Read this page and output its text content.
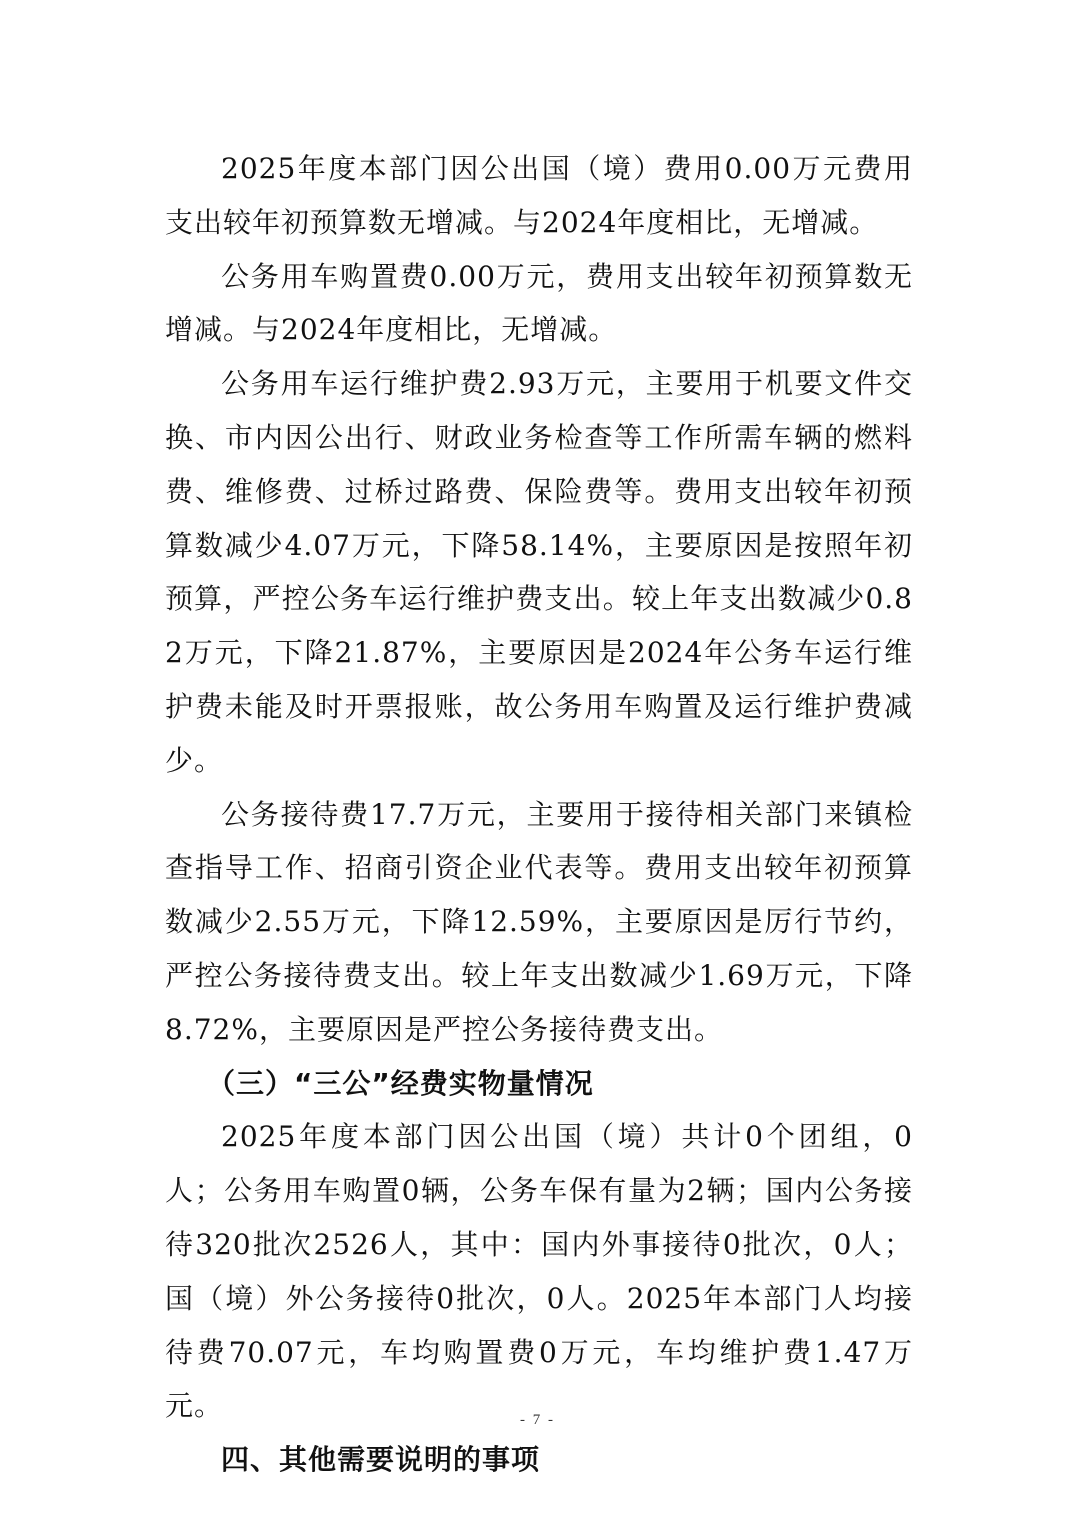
2025年度本部门因公出国（境）费用0.00万元费用支出较年初预算数无增减。与2024年度相比，无增减。

公务用车购置费0.00万元，费用支出较年初预算数无增减。与2024年度相比，无增减。

公务用车运行维护费2.93万元，主要用于机要文件交换、市内因公出行、财政业务检查等工作所需车辆的燃料费、维修费、过桥过路费、保险费等。费用支出较年初预算数减少4.07万元，下降58.14%，主要原因是按照年初预算，严控公务车运行维护费支出。较上年支出数减少0.82万元，下降21.87%，主要原因是2024年公务车运行维护费未能及时开票报账，故公务用车购置及运行维护费减少。

公务接待费17.7万元，主要用于接待相关部门来镇检查指导工作、招商引资企业代表等。费用支出较年初预算数减少2.55万元，下降12.59%，主要原因是厉行节约，严控公务接待费支出。较上年支出数减少1.69万元，下降8.72%，主要原因是严控公务接待费支出。

（三）“三公”经费实物量情况

2025年度本部门因公出国（境）共计0个团组，0人；公务用车购置0辆，公务车保有量为2辆；国内公务接待320批次2526人，其中：国内外事接待0批次，0人；国（境）外公务接待0批次，0人。2025年本部门人均接待费70.07元，车均购置费0万元，车均维护费1.47万元。

四、其他需要说明的事项

- 7 -
